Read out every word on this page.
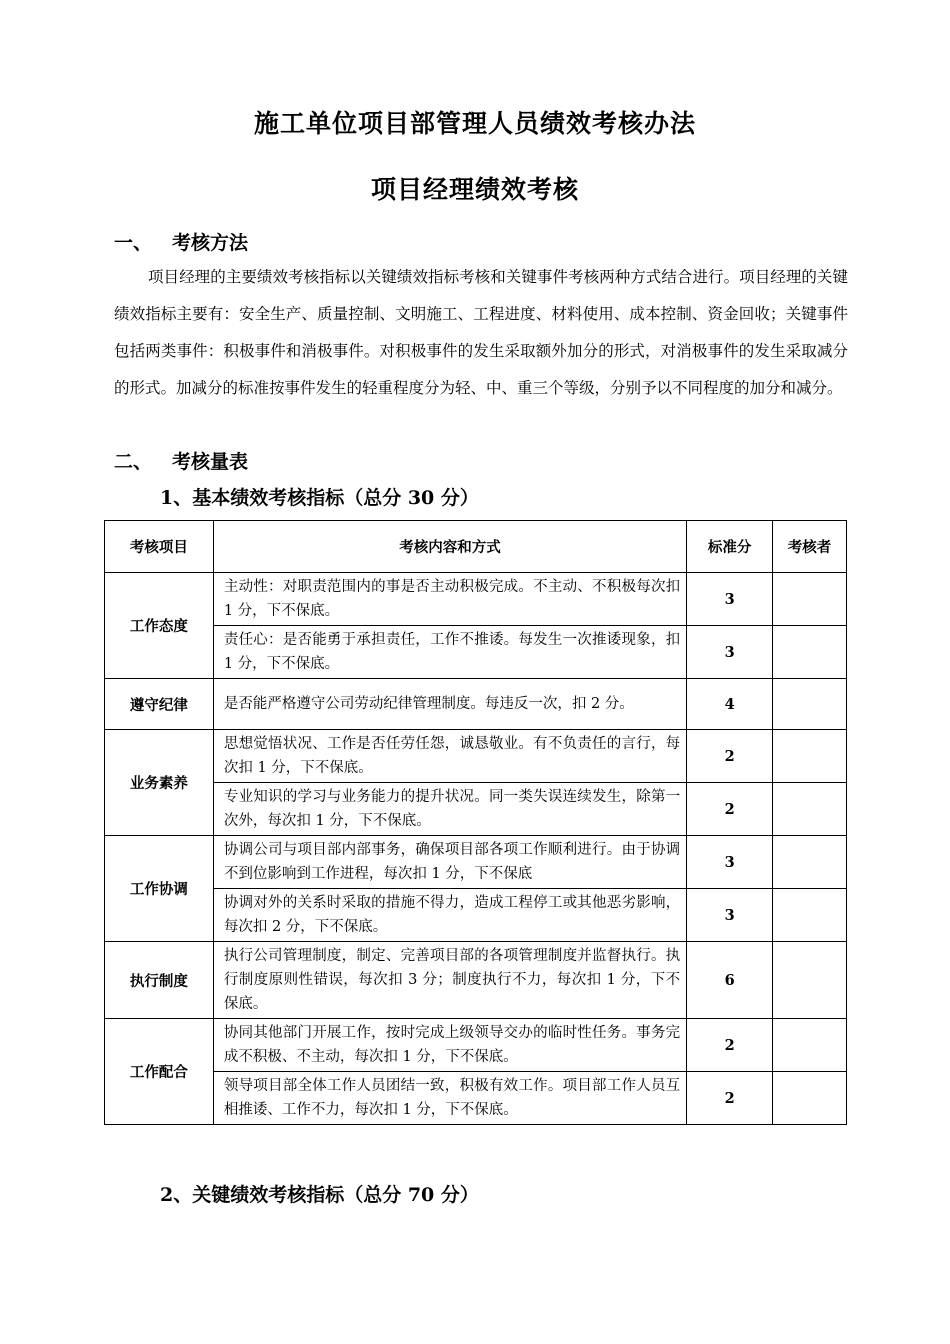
施工单位项目部管理人员绩效考核办法
项目经理绩效考核
一、 考核方法
项目经理的主要绩效考核指标以关键绩效指标考核和关键事件考核两种方式结合进行。项目经理的关键绩效指标主要有：安全生产、质量控制、文明施工、工程进度、材料使用、成本控制、资金回收；关键事件包括两类事件：积极事件和消极事件。对积极事件的发生采取额外加分的形式，对消极事件的发生采取减分的形式。加减分的标准按事件发生的轻重程度分为轻、中、重三个等级，分别予以不同程度的加分和减分。
二、 考核量表
1、基本绩效考核指标（总分 30 分）
考核项目	考核内容和方式	标准分	考核者
工作态度	主动性：对职责范围内的事是否主动积极完成。不主动、不积极每次扣 1 分，下不保底。	3	
	责任心：是否能勇于承担责任，工作不推诿。每发生一次推诿现象，扣 1 分，下不保底。	3	
遵守纪律	是否能严格遵守公司劳动纪律管理制度。每违反一次，扣 2 分。	4	
业务素养	思想觉悟状况、工作是否任劳任怨，诚恳敬业。有不负责任的言行，每次扣 1 分，下不保底。	2	
	专业知识的学习与业务能力的提升状况。同一类失误连续发生，除第一次外，每次扣 1 分，下不保底。	2	
工作协调	协调公司与项目部内部事务，确保项目部各项工作顺利进行。由于协调不到位影响到工作进程，每次扣 1 分，下不保底	3	
	协调对外的关系时采取的措施不得力，造成工程停工或其他恶劣影响，每次扣 2 分，下不保底。	3	
执行制度	执行公司管理制度，制定、完善项目部的各项管理制度并监督执行。执行制度原则性错误，每次扣 3 分；制度执行不力，每次扣 1 分，下不保底。	6	
工作配合	协同其他部门开展工作，按时完成上级领导交办的临时性任务。事务完成不积极、不主动，每次扣 1 分，下不保底。	2	
	领导项目部全体工作人员团结一致，积极有效工作。项目部工作人员互相推诿、工作不力，每次扣 1 分，下不保底。	2	
2、关键绩效考核指标（总分 70 分）
